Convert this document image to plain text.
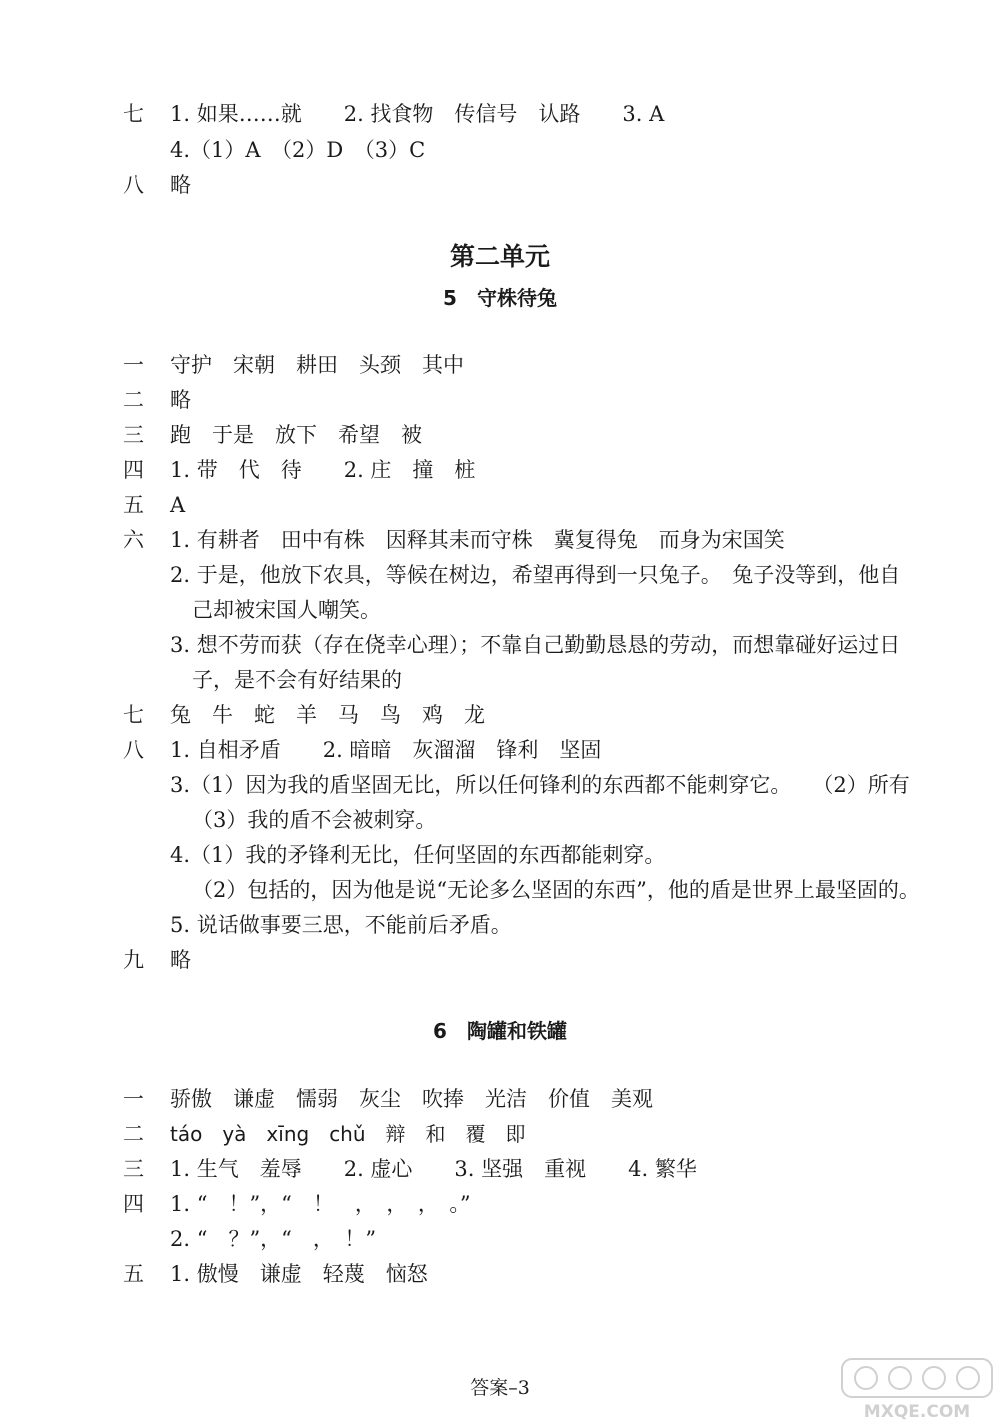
七 1. 如果……就　　2. 找食物　传信号　认路　　3. A
4.（1）A　（2）D　（3）C
八 略
第二单元
5　守株待兔
一 守护　宋朝　耕田　头颈　其中
二 略
三 跑　于是　放下　希望　被
四 1. 带　代　待　　2. 庄　撞　桩
五 A
六 1. 有耕者　田中有株　因释其耒而守株　冀复得兔　而身为宋国笑
2. 于是，他放下农具，等候在树边，希望再得到一只兔子。　兔子没等到，他自
己却被宋国人嘲笑。
3. 想不劳而获（存在侥幸心理）；不靠自己勤勤恳恳的劳动，而想靠碰好运过日
子，是不会有好结果的
七 兔　牛　蛇　羊　马　鸟　鸡　龙
八 1. 自相矛盾　　2. 暗暗　灰溜溜　锋利　坚固
3.（1）因为我的盾坚固无比，所以任何锋利的东西都不能刺穿它。　　（2）所有
（3）我的盾不会被刺穿。
4.（1）我的矛锋利无比，任何坚固的东西都能刺穿。
（2）包括的，因为他是说“无论多么坚固的东西”，他的盾是世界上最坚固的。
5. 说话做事要三思，不能前后矛盾。
九 略
6　陶罐和铁罐
一 骄傲　谦虚　懦弱　灰尘　吹捧　光洁　价值　美观
二 táo　yà　xīng　chǔ　辩　和　覆　即
三 1. 生气　羞辱　　2. 虚心　　3. 坚强　重视　　4. 繁华
四 1. “　！”，“　！　，　，　，　。”
2. “　？”，“　，　！”
五 1. 傲慢　谦虚　轻蔑　恼怒
答案–3
MXQE.COM
